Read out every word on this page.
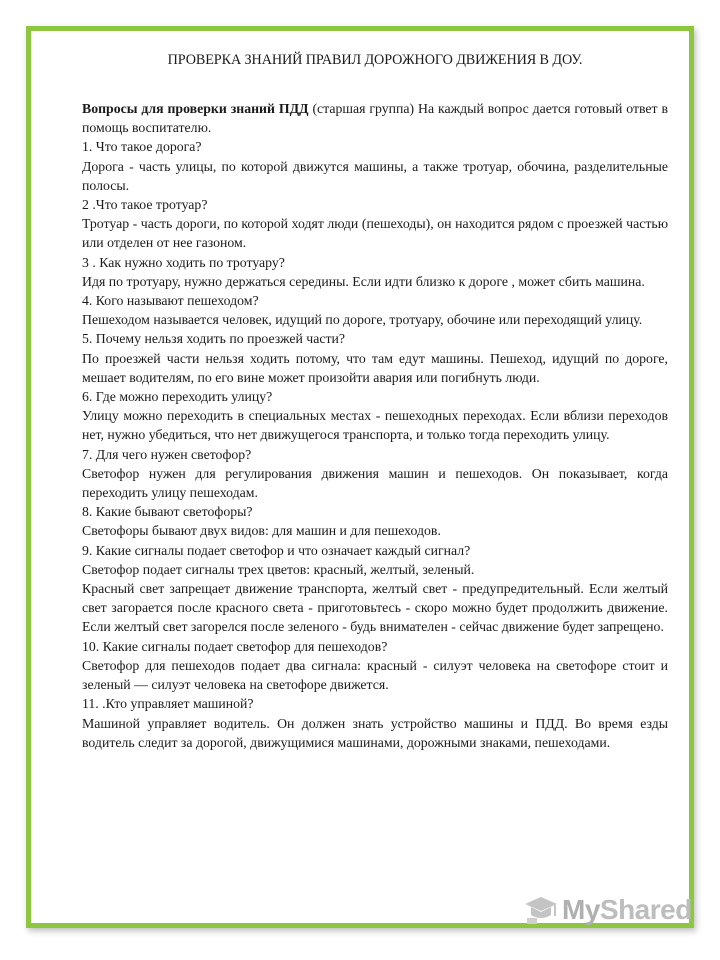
ПРОВЕРКА ЗНАНИЙ ПРАВИЛ ДОРОЖНОГО ДВИЖЕНИЯ В ДОУ.

Вопросы для проверки знаний ПДД (старшая группа) На каждый вопрос дается готовый ответ в помощь воспитателю.

1. Что такое дорога?

Дорога - часть улицы, по которой движутся машины, а также тротуар, обочина, разделительные полосы.

2 .Что такое тротуар?

Тротуар - часть дороги, по которой ходят люди (пешеходы), он находится рядом с проезжей частью или отделен от нее газоном.

3 . Как нужно ходить по тротуару?

Идя по тротуару, нужно держаться середины. Если идти близко к дороге , может сбить машина.

4. Кого называют пешеходом?

Пешеходом называется человек, идущий по дороге, тротуару, обочине или переходящий улицу.

5. Почему нельзя ходить по проезжей части?

По проезжей части нельзя ходить потому, что там едут машины. Пешеход, идущий по дороге, мешает водителям, по его вине может произойти авария или погибнуть люди.

6. Где можно переходить улицу?

Улицу можно переходить в специальных местах - пешеходных переходах. Если вблизи переходов нет, нужно убедиться, что нет движущегося транспорта, и только тогда переходить улицу.

7. Для чего нужен светофор?

Светофор нужен для регулирования движения машин и пешеходов. Он показывает, когда переходить улицу пешеходам.

8. Какие бывают светофоры?

Светофоры бывают двух видов: для машин и для пешеходов.

9. Какие сигналы подает светофор и что означает каждый сигнал?

Светофор подает сигналы трех цветов: красный, желтый, зеленый.

Красный свет запрещает движение транспорта, желтый свет - предупредительный. Если желтый свет загорается после красного света - приготовьтесь - скоро можно будет продолжить движение. Если желтый свет загорелся после зеленого - будь внимателен - сейчас движение будет запрещено.

10. Какие сигналы подает светофор для пешеходов?

Светофор для пешеходов подает два сигнала: красный - силуэт человека на светофоре стоит и зеленый — силуэт человека на светофоре движется.

11. .Кто управляет машиной?

Машиной управляет водитель. Он должен знать устройство машины и ПДД. Во время езды водитель следит за дорогой, движущимися машинами, дорожными знаками, пешеходами.

MyShared
